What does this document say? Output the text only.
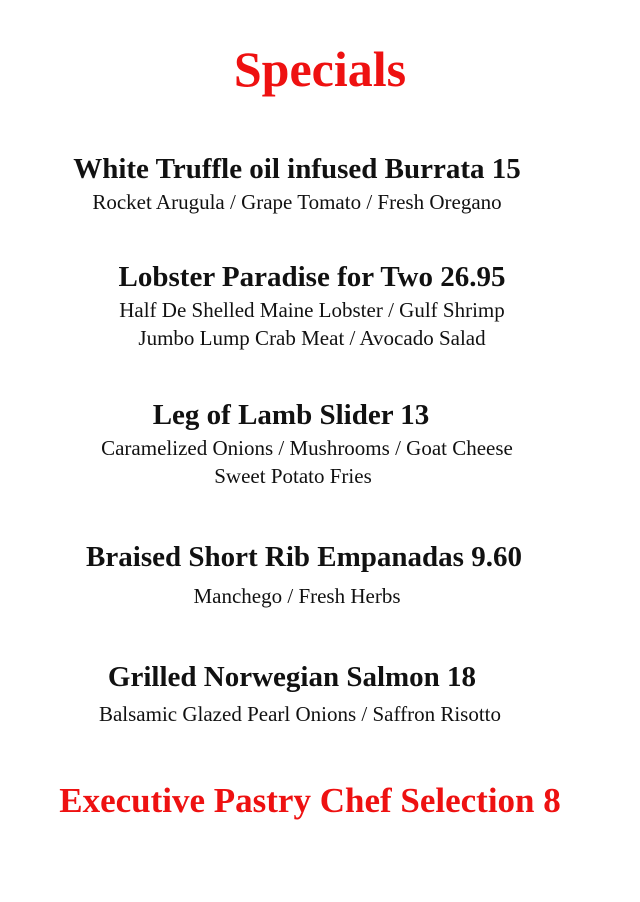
Specials
White Truffle oil infused Burrata 15
Rocket Arugula / Grape Tomato / Fresh Oregano
Lobster Paradise for Two 26.95
Half De Shelled Maine Lobster / Gulf Shrimp
Jumbo Lump Crab Meat / Avocado Salad
Leg of Lamb Slider 13
Caramelized Onions / Mushrooms / Goat Cheese
Sweet Potato Fries
Braised Short Rib Empanadas 9.60
Manchego / Fresh Herbs
Grilled Norwegian Salmon 18
Balsamic Glazed Pearl Onions / Saffron Risotto
Executive Pastry Chef Selection 8
